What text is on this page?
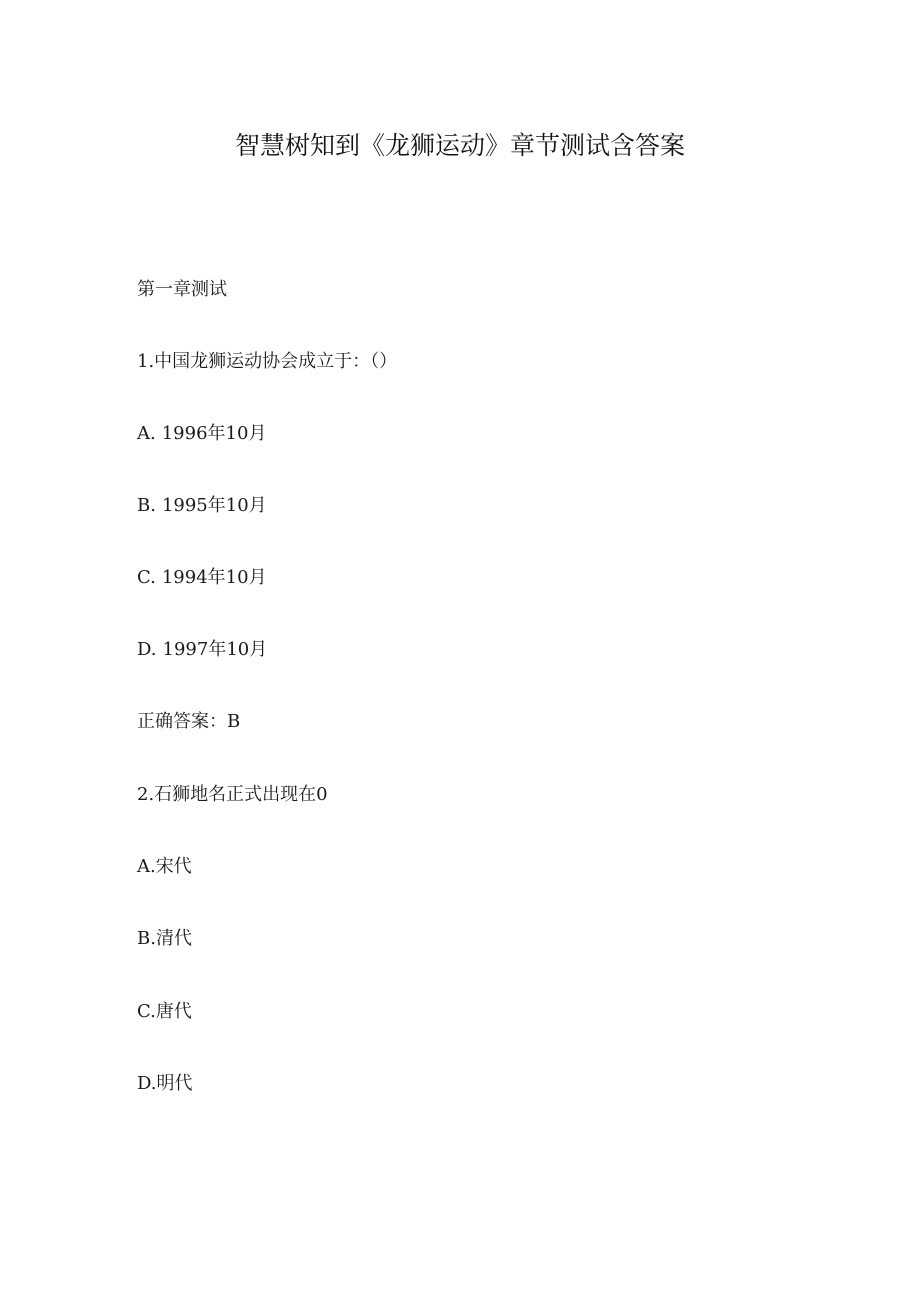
智慧树知到《龙狮运动》章节测试含答案

第一章测试

1.中国龙狮运动协会成立于：（）

A. 1996年10月

B. 1995年10月

C. 1994年10月

D. 1997年10月

正确答案：B

2.石狮地名正式出现在0

A.宋代

B.清代

C.唐代

D.明代
